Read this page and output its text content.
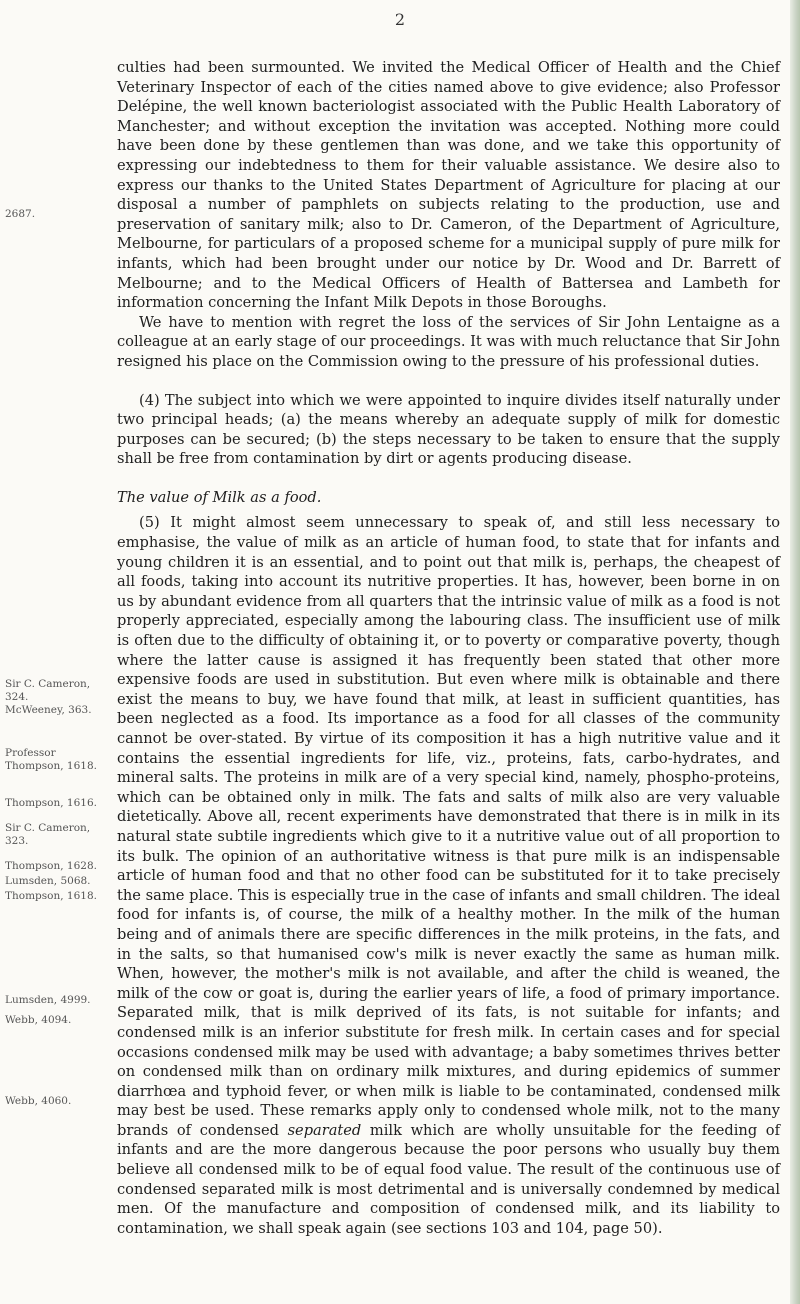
2
2687.
Sir C. Cameron, 324.
McWeeney, 363.
Professor Thompson, 1618.
Thompson, 1616.
Sir C. Cameron, 323.
Thompson, 1628.
Lumsden, 5068.
Thompson, 1618.
Lumsden, 4999.
Webb, 4094.
Webb, 4060.

culties had been surmounted. We invited the Medical Officer of Health and the Chief Veterinary Inspector of each of the cities named above to give evidence; also Professor Delépine, the well known bacteriologist associated with the Public Health Laboratory of Manchester; and without exception the invitation was accepted. Nothing more could have been done by these gentlemen than was done, and we take this opportunity of expressing our indebtedness to them for their valuable assistance. We desire also to express our thanks to the United States Department of Agriculture for placing at our disposal a number of pamphlets on subjects relating to the production, use and preservation of sanitary milk; also to Dr. Cameron, of the Department of Agriculture, Melbourne, for particulars of a proposed scheme for a municipal supply of pure milk for infants, which had been brought under our notice by Dr. Wood and Dr. Barrett of Melbourne; and to the Medical Officers of Health of Battersea and Lambeth for information concerning the Infant Milk Depots in those Boroughs.

We have to mention with regret the loss of the services of Sir John Lentaigne as a colleague at an early stage of our proceedings. It was with much reluctance that Sir John resigned his place on the Commission owing to the pressure of his professional duties.

(4) The subject into which we were appointed to inquire divides itself naturally under two principal heads; (a) the means whereby an adequate supply of milk for domestic purposes can be secured; (b) the steps necessary to be taken to ensure that the supply shall be free from contamination by dirt or agents producing disease.

The value of Milk as a food.

(5) It might almost seem unnecessary to speak of, and still less necessary to emphasise, the value of milk as an article of human food, to state that for infants and young children it is an essential, and to point out that milk is, perhaps, the cheapest of all foods, taking into account its nutritive properties. It has, however, been borne in on us by abundant evidence from all quarters that the intrinsic value of milk as a food is not properly appreciated, especially among the labouring class. The insufficient use of milk is often due to the difficulty of obtaining it, or to poverty or comparative poverty, though where the latter cause is assigned it has frequently been stated that other more expensive foods are used in substitution. But even where milk is obtainable and there exist the means to buy, we have found that milk, at least in sufficient quantities, has been neglected as a food. Its importance as a food for all classes of the community cannot be over-stated. By virtue of its composition it has a high nutritive value and it contains the essential ingredients for life, viz., proteins, fats, carbo-hydrates, and mineral salts. The proteins in milk are of a very special kind, namely, phospho-proteins, which can be obtained only in milk. The fats and salts of milk also are very valuable dietetically. Above all, recent experiments have demonstrated that there is in milk in its natural state subtile ingredients which give to it a nutritive value out of all proportion to its bulk. The opinion of an authoritative witness is that pure milk is an indispensable article of human food and that no other food can be substituted for it to take precisely the same place. This is especially true in the case of infants and small children. The ideal food for infants is, of course, the milk of a healthy mother. In the milk of the human being and of animals there are specific differences in the milk proteins, in the fats, and in the salts, so that humanised cow's milk is never exactly the same as human milk. When, however, the mother's milk is not available, and after the child is weaned, the milk of the cow or goat is, during the earlier years of life, a food of primary importance. Separated milk, that is milk deprived of its fats, is not suitable for infants; and condensed milk is an inferior substitute for fresh milk. In certain cases and for special occasions condensed milk may be used with advantage; a baby sometimes thrives better on condensed milk than on ordinary milk mixtures, and during epidemics of summer diarrhœa and typhoid fever, or when milk is liable to be contaminated, condensed milk may best be used. These remarks apply only to condensed whole milk, not to the many brands of condensed separated milk which are wholly unsuitable for the feeding of infants and are the more dangerous because the poor persons who usually buy them believe all condensed milk to be of equal food value. The result of the continuous use of condensed separated milk is most detrimental and is universally condemned by medical men. Of the manufacture and composition of condensed milk, and its liability to contamination, we shall speak again (see sections 103 and 104, page 50).
